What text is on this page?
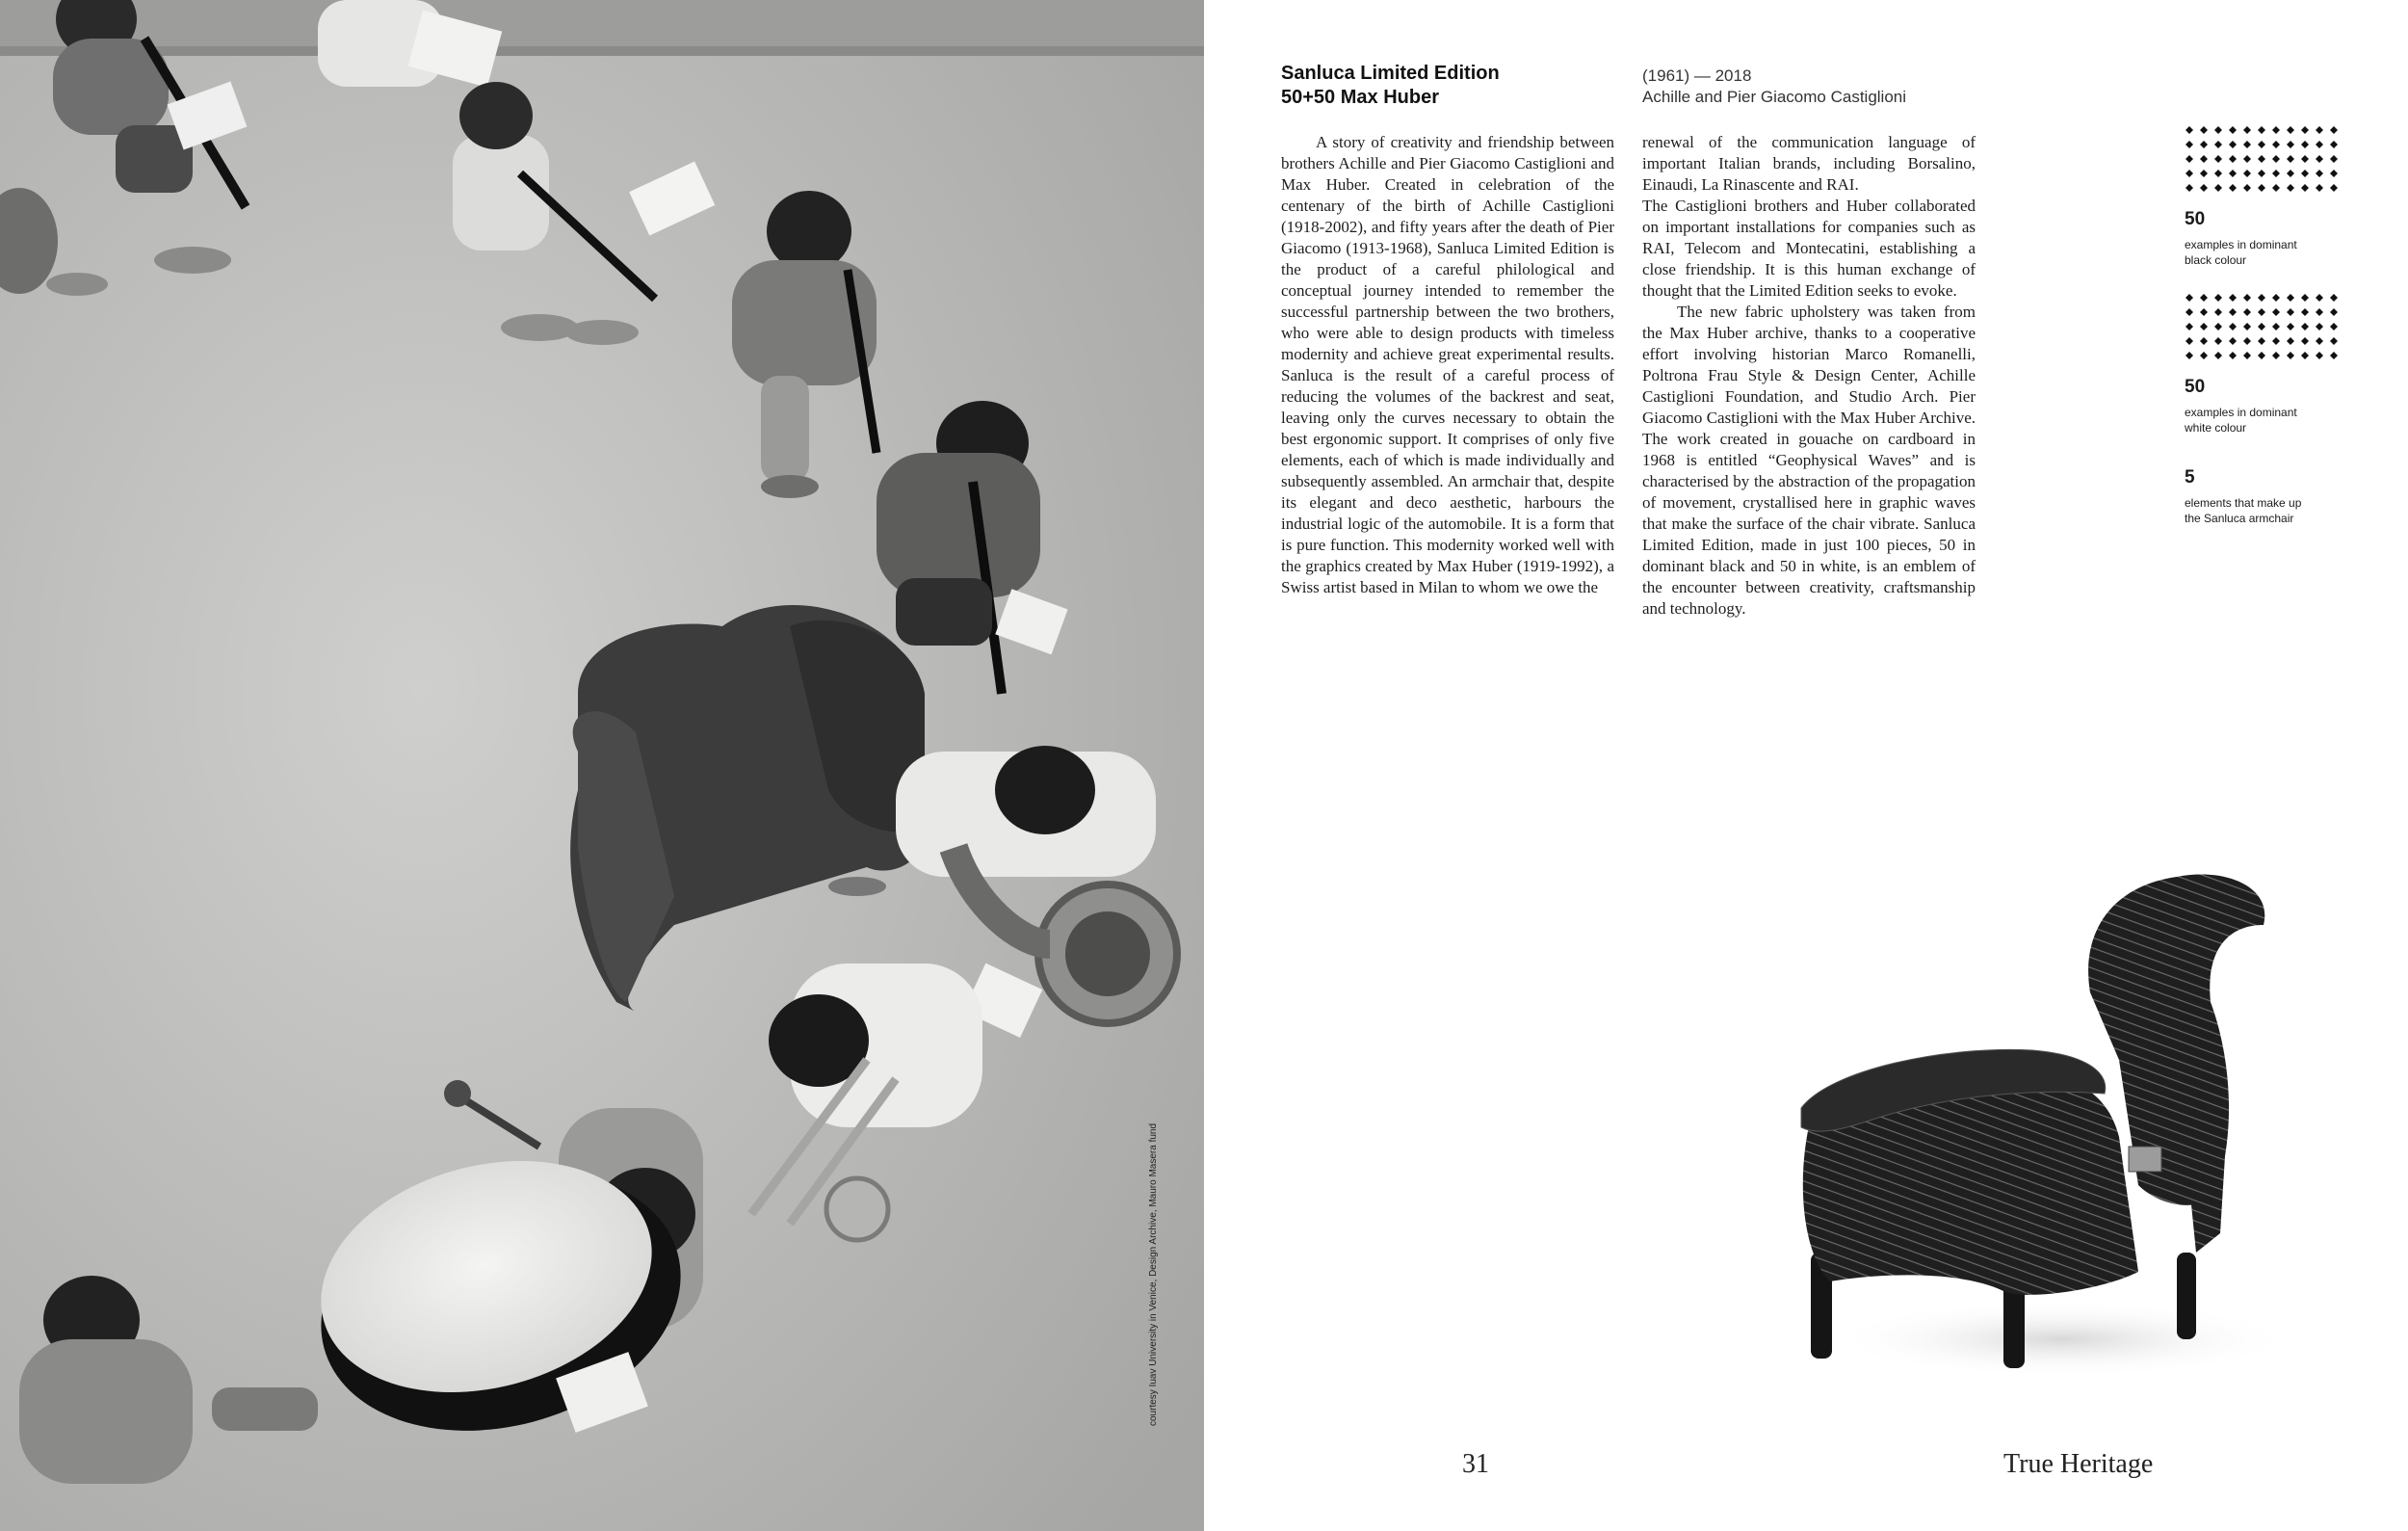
courtesy Iuav University in Venice, Design Archive, Mauro Masera fund
Sanluca Limited Edition
50+50 Max Huber
(1961) — 2018
Achille and Pier Giacomo Castiglioni

A story of creativity and friendship between brothers Achille and Pier Giacomo Castiglioni and Max Huber. Created in celebration of the centenary of the birth of Achille Castiglioni (1918-2002), and fifty years after the death of Pier Giacomo (1913-1968), Sanluca Limited Edition is the product of a careful philological and conceptual journey intended to remember the successful partnership between the two brothers, who were able to design products with timeless modernity and achieve great experimental results. Sanluca is the result of a careful process of reducing the volumes of the backrest and seat, leaving only the curves necessary to obtain the best ergonomic support. It comprises of only five elements, each of which is made individually and subsequently assembled. An armchair that, despite its elegant and deco aesthetic, harbours the industrial logic of the automobile. It is a form that is pure function. This modernity worked well with the graphics created by Max Huber (1919-1992), a Swiss artist based in Milan to whom we owe the

renewal of the communication language of important Italian brands, including Borsalino, Einaudi, La Rinascente and RAI.

The Castiglioni brothers and Huber collaborated on important installations for companies such as RAI, Telecom and Montecatini, establishing a close friendship. It is this human exchange of thought that the Limited Edition seeks to evoke.

The new fabric upholstery was taken from the Max Huber archive, thanks to a cooperative effort involving historian Marco Romanelli, Poltrona Frau Style & Design Center, Achille Castiglioni Foundation, and Studio Arch. Pier Giacomo Castiglioni with the Max Huber Archive. The work created in gouache on cardboard in 1968 is entitled “Geophysical Waves” and is characterised by the abstraction of the propagation of movement, crystallised here in graphic waves that make the surface of the chair vibrate. Sanluca Limited Edition, made in just 100 pieces, 50 in dominant black and 50 in white, is an emblem of the encounter between creativity, craftsmanship and technology.

50

examples in dominant
black colour

50

examples in dominant
white colour

5

elements that make up
the Sanluca armchair

31	True Heritage
